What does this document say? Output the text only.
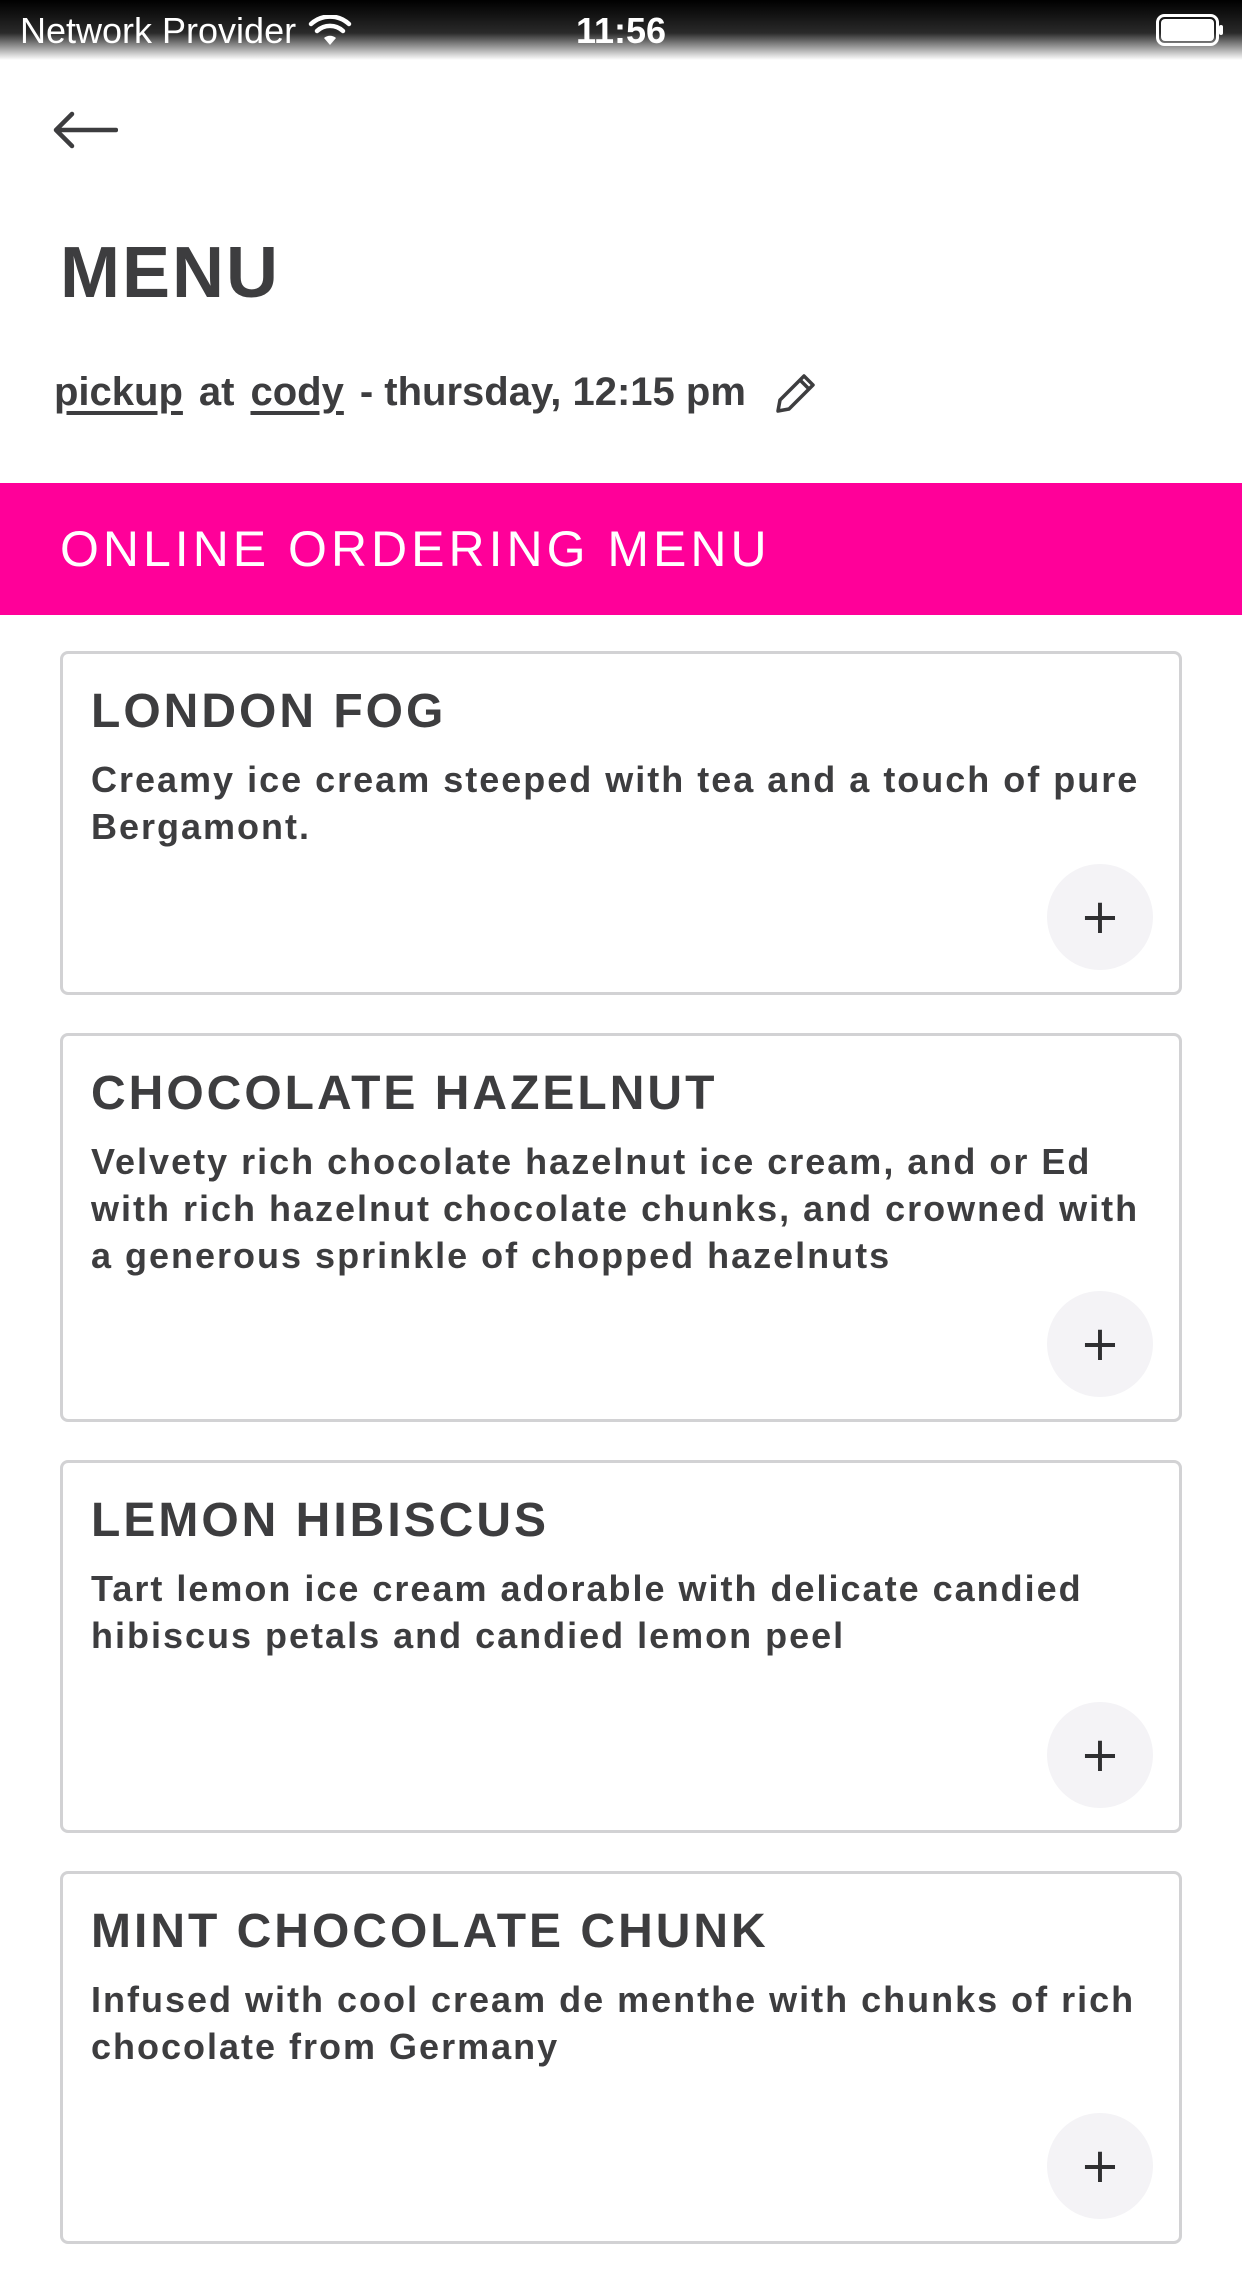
Network Provider	11:56
MENU
pickup at cody - thursday, 12:15 pm
ONLINE ORDERING MENU
LONDON FOG
Creamy ice cream steeped with tea and a touch of pure Bergamont.
+
CHOCOLATE HAZELNUT
Velvety rich chocolate hazelnut ice cream, and or Ed with rich hazelnut chocolate chunks, and crowned with a generous sprinkle of chopped hazelnuts
+
LEMON HIBISCUS
Tart lemon ice cream adorable with delicate candied hibiscus petals and candied lemon peel
+
MINT CHOCOLATE CHUNK
Infused with cool cream de menthe with chunks of rich chocolate from Germany
+
